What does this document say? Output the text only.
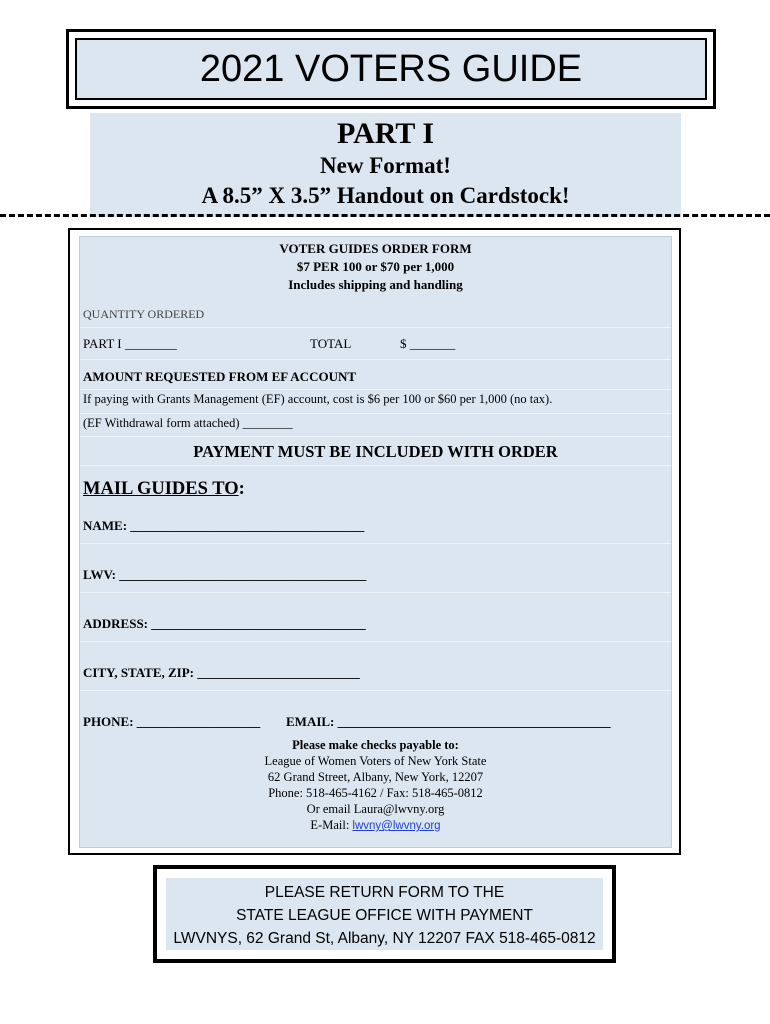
2021 VOTERS GUIDE
PART I
New Format!
A 8.5” X 3.5” Handout on Cardstock!
VOTER GUIDES ORDER FORM
$7 PER 100 or $70 per 1,000
Includes shipping and handling
QUANTITY ORDERED
PART I ________	TOTAL	$ _______
AMOUNT REQUESTED FROM EF ACCOUNT
If paying with Grants Management (EF) account, cost is $6 per 100 or $60 per 1,000 (no tax).
(EF Withdrawal form attached) ________
PAYMENT MUST BE INCLUDED WITH ORDER
MAIL GUIDES TO:
NAME: ____________________________________
LWV: ______________________________________
ADDRESS: _________________________________
CITY, STATE, ZIP: _________________________
PHONE: ___________________ EMAIL: __________________________________________
Please make checks payable to:
League of Women Voters of New York State
62 Grand Street, Albany, New York, 12207
Phone: 518-465-4162 / Fax: 518-465-0812
Or email Laura@lwvny.org
E-Mail: lwvny@lwvny.org
PLEASE RETURN FORM TO THE
STATE LEAGUE OFFICE WITH PAYMENT
LWVNYS, 62 Grand St, Albany, NY 12207 FAX 518-465-0812
